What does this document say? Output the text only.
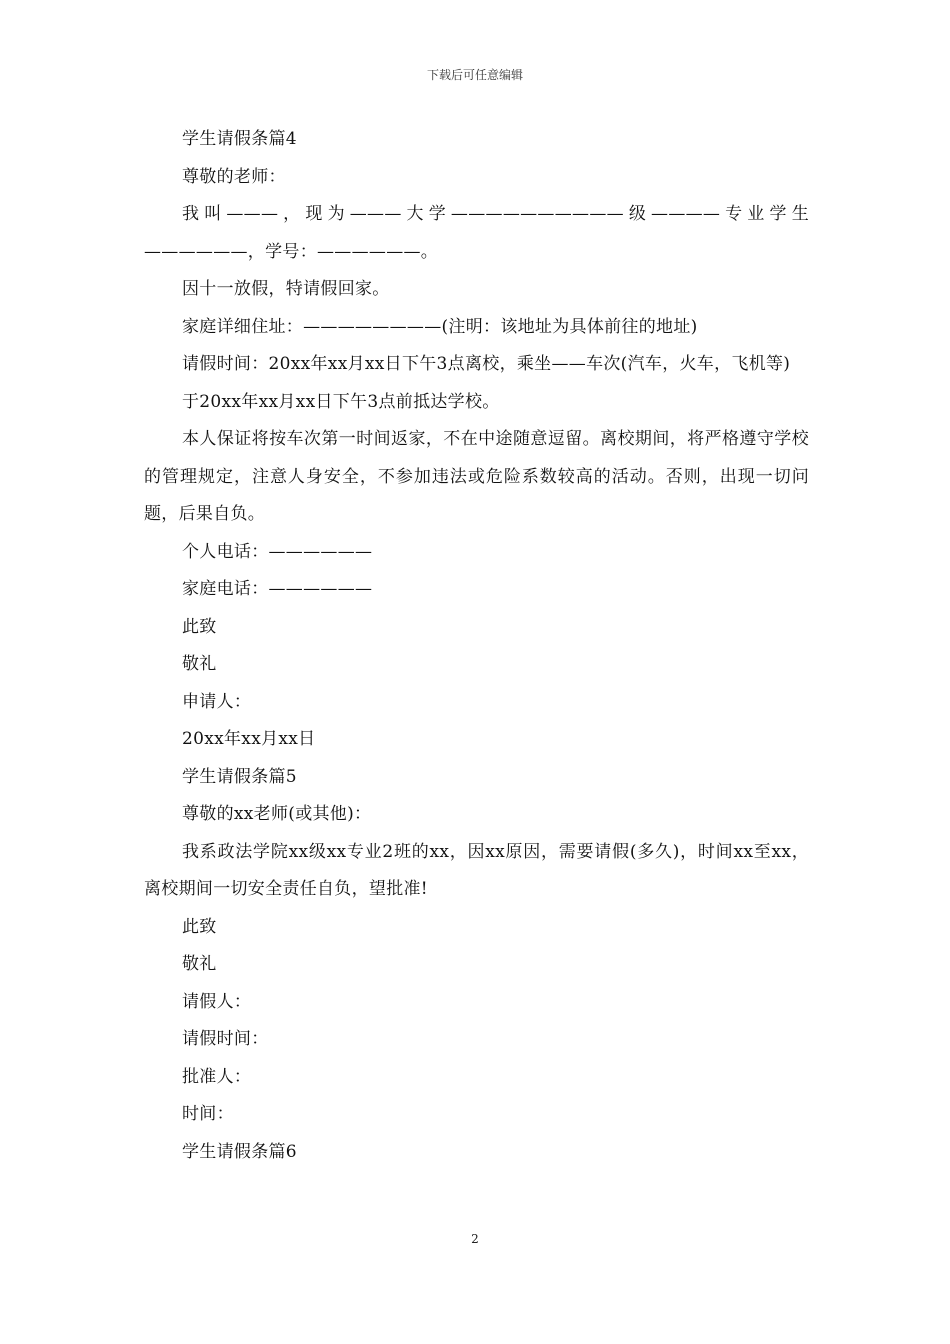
下载后可任意编辑

学生请假条篇4

尊敬的老师：

我叫———，现为———大学——————————级————专业学生——————，学号：——————。

因十一放假，特请假回家。

家庭详细住址：————————(注明：该地址为具体前往的地址)

请假时间：20xx年xx月xx日下午3点离校，乘坐——车次(汽车，火车，飞机等)

于20xx年xx月xx日下午3点前抵达学校。

本人保证将按车次第一时间返家，不在中途随意逗留。离校期间，将严格遵守学校的管理规定，注意人身安全，不参加违法或危险系数较高的活动。否则，出现一切问题，后果自负。

个人电话：——————

家庭电话：——————

此致

敬礼

申请人：

20xx年xx月xx日

学生请假条篇5

尊敬的xx老师(或其他)：

我系政法学院xx级xx专业2班的xx，因xx原因，需要请假(多久)，时间xx至xx，离校期间一切安全责任自负，望批准!

此致

敬礼

请假人：

请假时间：

批准人：

时间：

学生请假条篇6

2
